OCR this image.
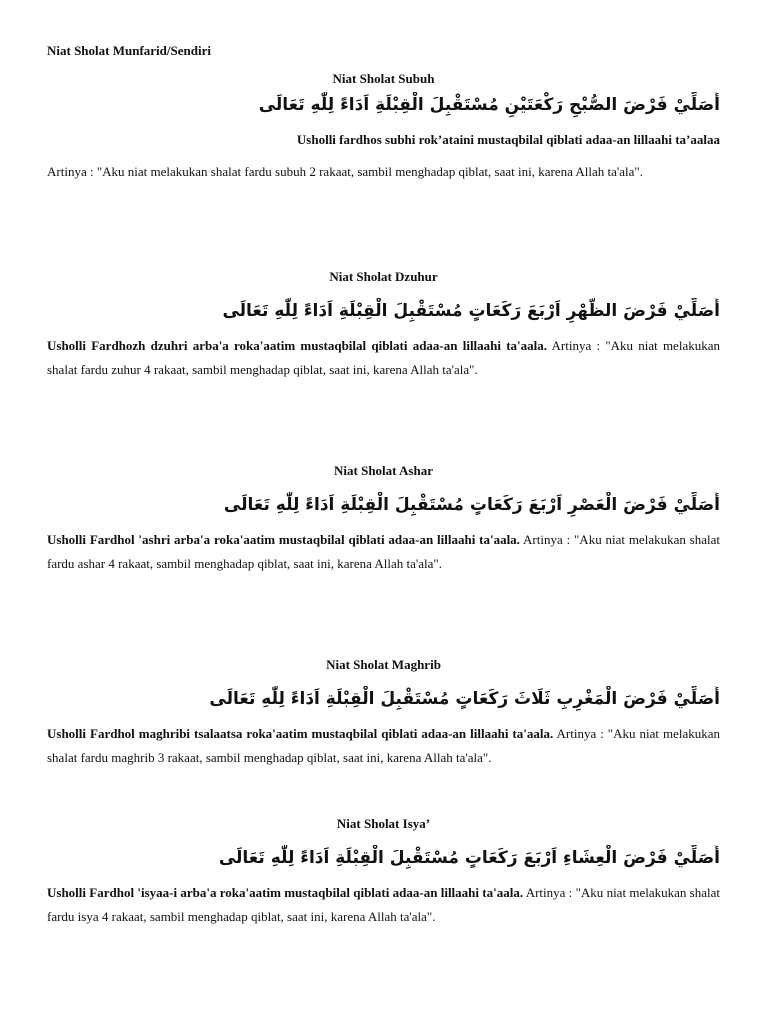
Niat Sholat Munfarid/Sendiri
Niat Sholat Subuh
أُصَلِّيْ فَرْضَ الصُّبْحِ رَكْعَتَيْنِ مُسْتَقْبِلَ الْقِبْلَةِ اَدَاءً لِلّٰهِ تَعَالَى
Usholli fardhos subhi rok’ataini mustaqbilal qiblati adaa-an lillaahi ta’aalaa
Artinya : "Aku niat melakukan shalat fardu subuh 2 rakaat, sambil menghadap qiblat, saat ini, karena Allah ta'ala".
Niat Sholat Dzuhur
أُصَلِّيْ فَرْضَ الظُّهْرِ اَرْبَعَ رَكَعَاتٍ مُسْتَقْبِلَ الْقِبْلَةِ اَدَاءً لِلّٰهِ تَعَالَى
Usholli Fardhozh dzuhri arba'a roka'aatim mustaqbilal qiblati adaa-an lillaahi ta'aala. Artinya : "Aku niat melakukan shalat fardu zuhur 4 rakaat, sambil menghadap qiblat, saat ini, karena Allah ta'ala".
Niat Sholat Ashar
أُصَلِّيْ فَرْضَ الْعَصْرِ اَرْبَعَ رَكَعَاتٍ مُسْتَقْبِلَ الْقِبْلَةِ اَدَاءً لِلّٰهِ تَعَالَى
Usholli Fardhol 'ashri arba'a roka'aatim mustaqbilal qiblati adaa-an lillaahi ta'aala. Artinya : "Aku niat melakukan shalat fardu ashar 4 rakaat, sambil menghadap qiblat, saat ini, karena Allah ta'ala".
Niat Sholat Maghrib
أُصَلِّيْ فَرْضَ الْمَغْرِبِ ثَلَاثَ رَكَعَاتٍ مُسْتَقْبِلَ الْقِبْلَةِ اَدَاءً لِلّٰهِ تَعَالَى
Usholli Fardhol maghribi tsalaatsa roka'aatim mustaqbilal qiblati adaa-an lillaahi ta'aala. Artinya : "Aku niat melakukan shalat fardu maghrib 3 rakaat, sambil menghadap qiblat, saat ini, karena Allah ta'ala".
Niat Sholat Isya’
أُصَلِّيْ فَرْضَ الْعِشَاءِ اَرْبَعَ رَكَعَاتٍ مُسْتَقْبِلَ الْقِبْلَةِ اَدَاءً لِلّٰهِ تَعَالَى
Usholli Fardhol 'isyaa-i arba'a roka'aatim mustaqbilal qiblati adaa-an lillaahi ta'aala. Artinya : "Aku niat melakukan shalat fardu isya 4 rakaat, sambil menghadap qiblat, saat ini, karena Allah ta'ala".
